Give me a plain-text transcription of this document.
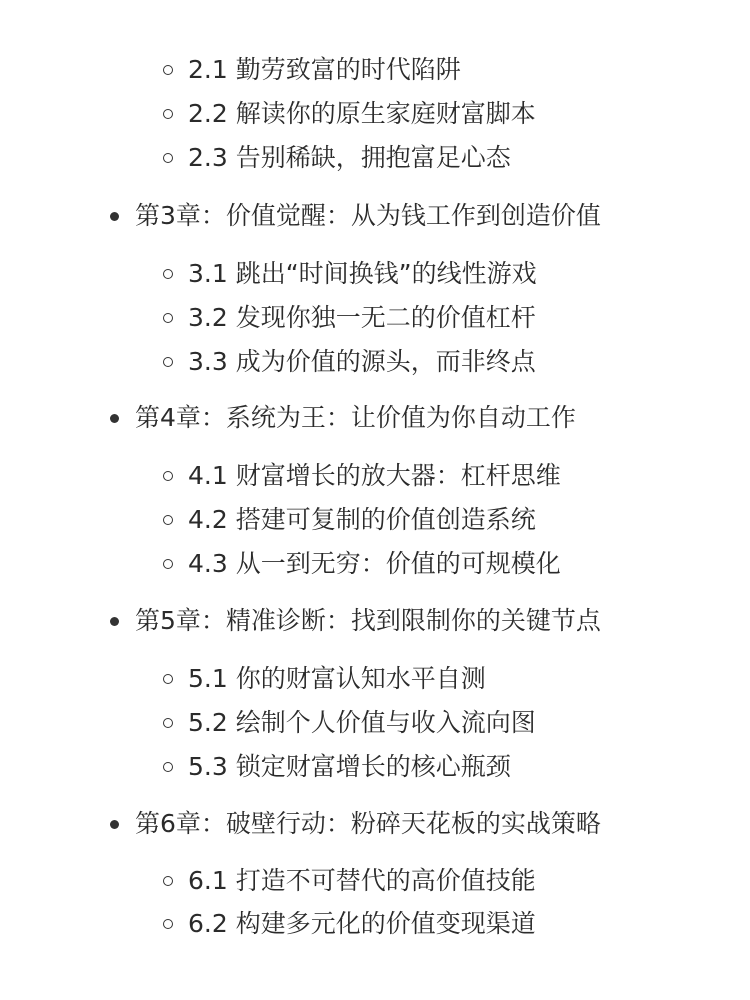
2.1 勤劳致富的时代陷阱
2.2 解读你的原生家庭财富脚本
2.3 告别稀缺，拥抱富足心态
第3章：价值觉醒：从为钱工作到创造价值
3.1 跳出“时间换钱”的线性游戏
3.2 发现你独一无二的价值杠杆
3.3 成为价值的源头，而非终点
第4章：系统为王：让价值为你自动工作
4.1 财富增长的放大器：杠杆思维
4.2 搭建可复制的价值创造系统
4.3 从一到无穷：价值的可规模化
第5章：精准诊断：找到限制你的关键节点
5.1 你的财富认知水平自测
5.2 绘制个人价值与收入流向图
5.3 锁定财富增长的核心瓶颈
第6章：破壁行动：粉碎天花板的实战策略
6.1 打造不可替代的高价值技能
6.2 构建多元化的价值变现渠道
